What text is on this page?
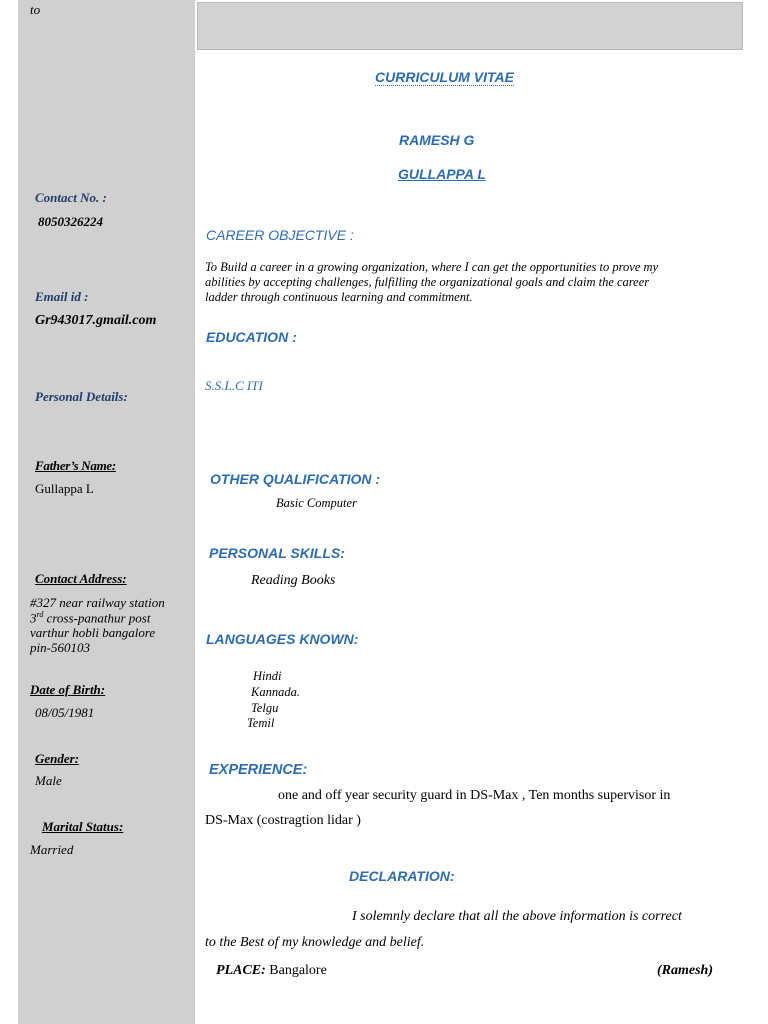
to
Contact No. :
8050326224
Email id :
Gr943017.gmail.com
Personal Details:
Father’s Name:
Gullappa L
Contact Address:
#327 near railway station
3rd cross-panathur post
varthur hobli bangalore
pin-560103
Date of Birth:
08/05/1981
Gender:
Male
Marital Status:
Married
CURRICULUM VITAE
RAMESH G
GULLAPPA L
CAREER OBJECTIVE :
To Build a career in a growing organization, where I can get the opportunities to prove my
abilities by accepting challenges, fulfilling the organizational goals and claim the career
ladder through continuous learning and commitment.
EDUCATION :
S.S.L.C ITI
OTHER QUALIFICATION :
Basic Computer
PERSONAL SKILLS:
Reading Books
LANGUAGES KNOWN:
Hindi
Kannada.
Telgu
Temil
EXPERIENCE:
one and off year security guard in DS-Max , Ten months supervisor in
DS-Max (costragtion lidar )
DECLARATION:
I solemnly declare that all the above information is correct
to the Best of my knowledge and belief.
PLACE: Bangalore	(Ramesh)
